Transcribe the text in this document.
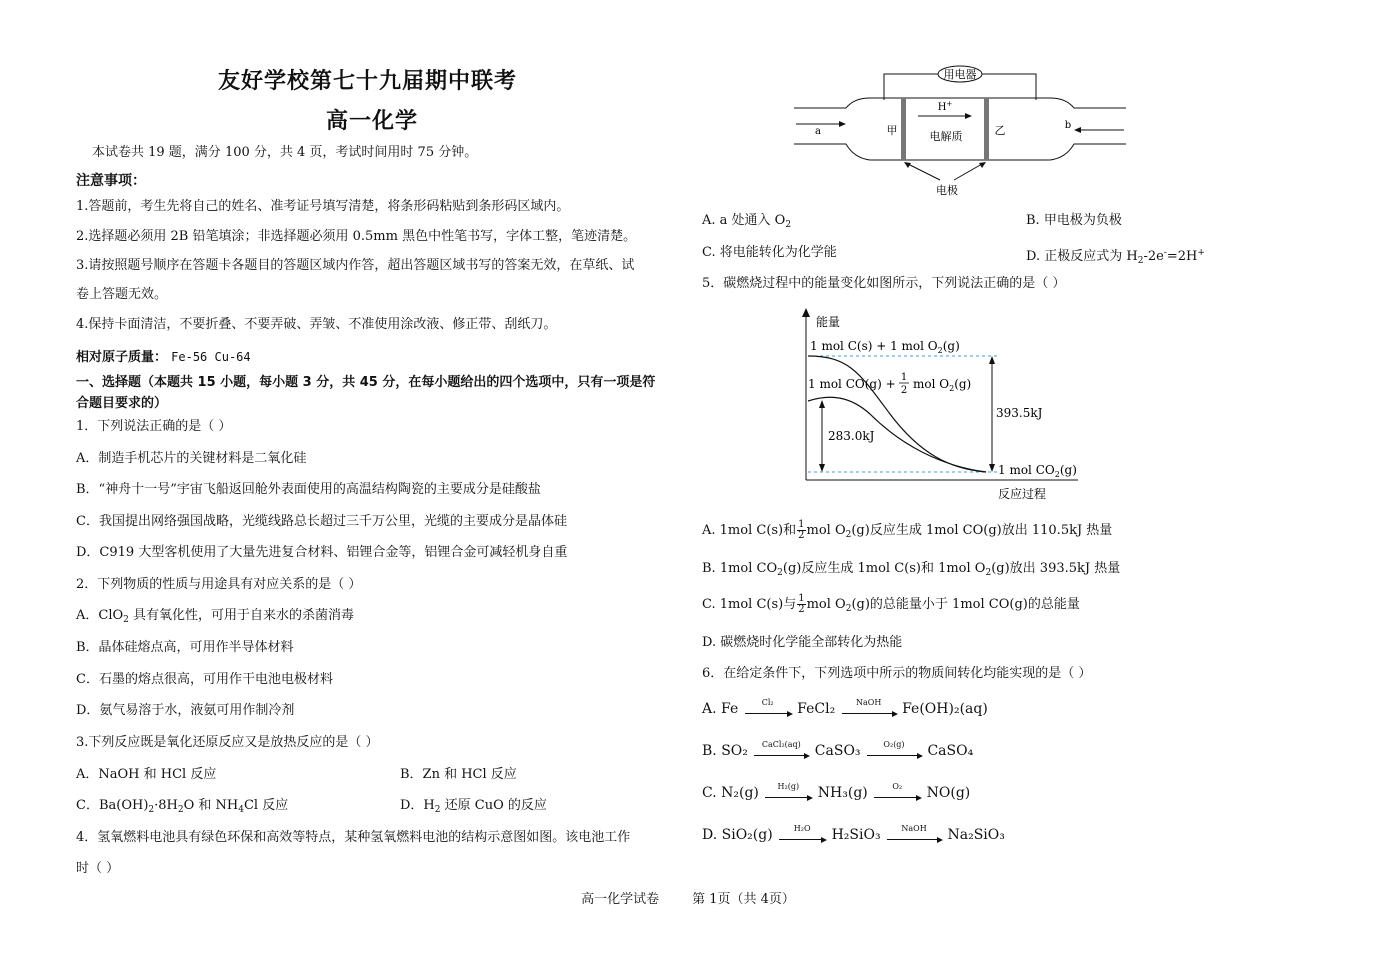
友好学校第七十九届期中联考
高一化学
本试卷共 19 题，满分 100 分，共 4 页，考试时间用时 75 分钟。
注意事项：
1.答题前，考生先将自己的姓名、准考证号填写清楚，将条形码粘贴到条形码区域内。
2.选择题必须用 2B 铅笔填涂；非选择题必须用 0.5mm 黑色中性笔书写，字体工整，笔迹清楚。
3.请按照题号顺序在答题卡各题目的答题区域内作答，超出答题区域书写的答案无效，在草纸、试
卷上答题无效。
4.保持卡面清洁，不要折叠、不要弄破、弄皱、不准使用涂改液、修正带、刮纸刀。
相对原子质量： Fe-56 Cu-64
一、选择题（本题共 15 小题，每小题 3 分，共 45 分，在每小题给出的四个选项中，只有一项是符
合题目要求的）
1．下列说法正确的是（ ）
A．制造手机芯片的关键材料是二氧化硅
B．“神舟十一号”宇宙飞船返回舱外表面使用的高温结构陶瓷的主要成分是硅酸盐
C．我国提出网络强国战略，光缆线路总长超过三千万公里，光缆的主要成分是晶体硅
D．C919 大型客机使用了大量先进复合材料、铝锂合金等，铝锂合金可减轻机身自重
2．下列物质的性质与用途具有对应关系的是（ ）
A．ClO$_2$ 具有氧化性，可用于自来水的杀菌消毒
B．晶体硅熔点高，可用作半导体材料
C．石墨的熔点很高，可用作干电池电极材料
D．氨气易溶于水，液氨可用作制冷剂
3.下列反应既是氧化还原反应又是放热反应的是（ ）
A．NaOH 和 HCl 反应	B．Zn 和 HCl 反应
C．$Ba(OH)_2\cdot 8H_2O$ 和 $NH_4Cl$ 反应	D．$H_2$ 还原 CuO 的反应
4．氢氧燃料电池具有绿色环保和高效等特点，某种氢氧燃料电池的结构示意图如图。该电池工作
时（ ）
用电器
H+
电解质
甲	乙
a
b
电极
A. a 处通入 $O_2$	B. 甲电极为负极
C. 将电能转化为化学能	D. 正极反应式为 $H_2-2e^-=2H^+$
5．碳燃烧过程中的能量变化如图所示，下列说法正确的是（ ）
能量
反应过程
1 mol C(s) + 1 mol $O_2(g)$
1 mol CO(g) + 1
2 mol $O_2(g)$
393.5kJ
283.0kJ
1 mol $CO_2(g)$
A. 1mol C(s)和 $\frac{1}{2}$ mol $O_2(g)$反应生成 1mol CO(g)放出 110.5kJ 热量
B. 1mol $CO_2(g)$反应生成 1mol C(s)和 1mol $O_2(g)$放出 393.5kJ 热量
C. 1mol C(s)与 $\frac{1}{2}$ mol $O_2(g)$的总能量小于 1mol CO(g)的总能量
D. 碳燃烧时化学能全部转化为热能
6．在给定条件下，下列选项中所示的物质间转化均能实现的是（ ）
A. Fe	Cl₂	FeCl₂	NaOH	Fe(OH)₂(aq)
B. SO₂	CaCl₂(aq)	CaSO₃	O₂(g)	CaSO₄
C. N₂(g)	H₂(g)	NH₃(g)	O₂	NO(g)
D. SiO₂(g)	H₂O	H₂SiO₃	NaOH	Na₂SiO₃
高一化学试卷        第 1页（共 4页）
